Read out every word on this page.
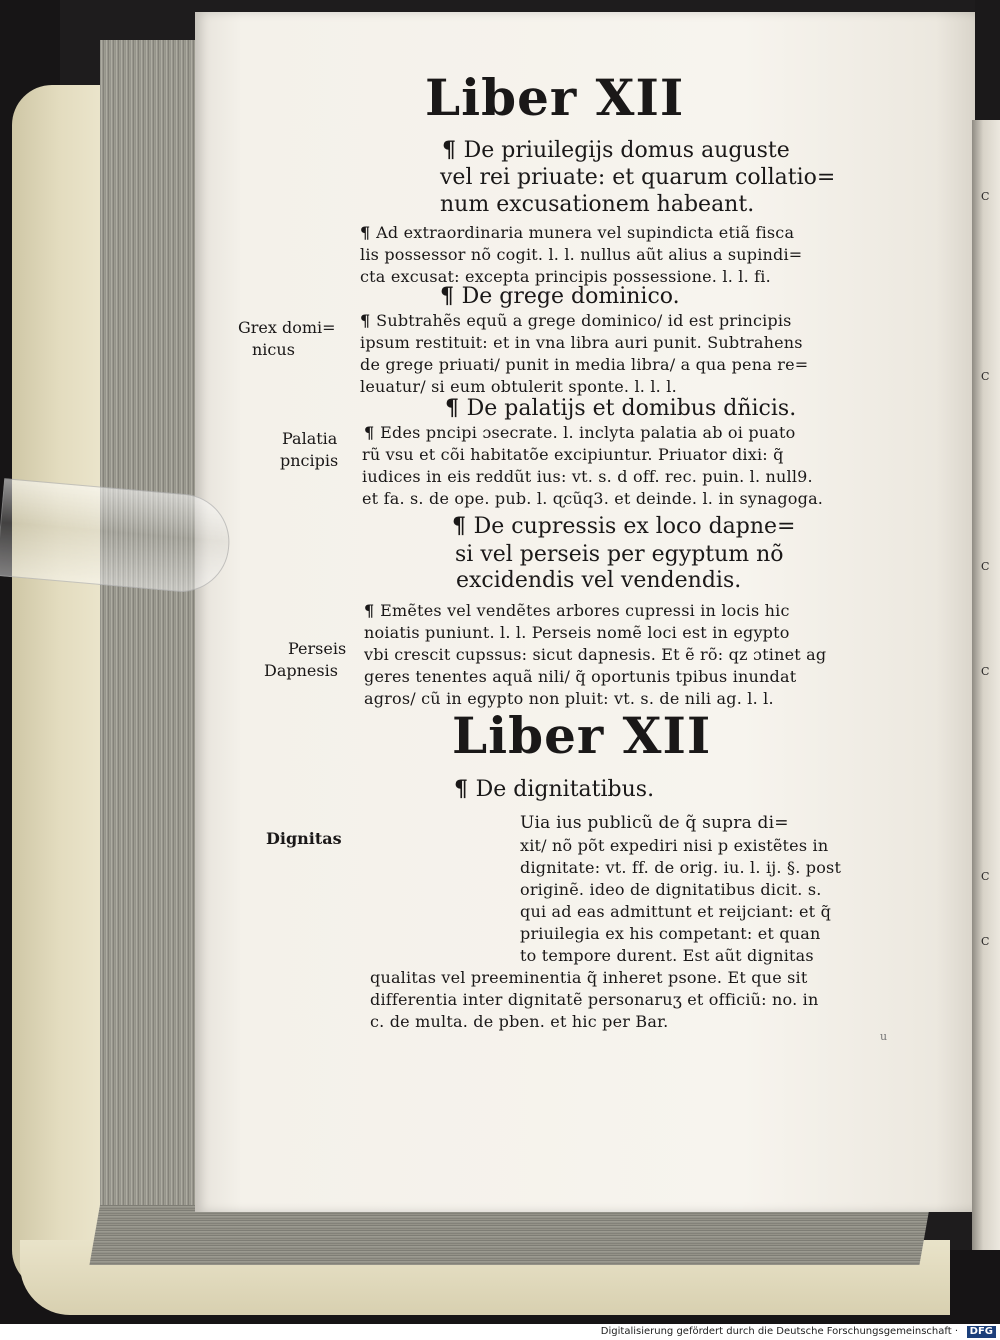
C
C
C
C
C
C
Liber XII
¶ De priuilegijs domus auguste
vel rei priuate: et quarum collatio=
num excusationem habeant.
¶ Ad extraordinaria munera vel supindicta etiã fisca
lis possessor nõ cogit. l. l. nullus aũt alius a supindi=
cta excusat: excepta principis possessione. l. l. fi.
¶ De grege dominico.
Grex domi=
nicus
¶ Subtrahẽs equũ a grege dominico/ id est principis
ipsum restituit: et in vna libra auri punit. Subtrahens
de grege priuati/ punit in media libra/ a qua pena re=
leuatur/ si eum obtulerit sponte. l. l. l.
¶ De palatijs et domibus dñicis.
Palatia
pncipis
¶ Edes pncipi ɔsecrate. l. inclyta palatia ab oi puato
rũ vsu et cõi habitatõe excipiuntur. Priuator dixi: q̃
iudices in eis reddũt ius: vt. s. d off. rec. puin. l. null9.
et fa. s. de ope. pub. l. ɋcũq3. et deinde. l. in synagoga.
¶ De cupressis ex loco dapne=
si vel perseis per egyptum nõ
excidendis vel vendendis.
Perseis
Dapnesis
¶ Emẽtes vel vendẽtes arbores cupressi in locis hic
noiatis puniunt. l. l. Perseis nomẽ loci est in egypto
vbi crescit cupssus: sicut dapnesis. Et ẽ rõ: qz ɔtinet ag
geres tenentes aquã nili/ q̃ oportunis tpibus inundat
agros/ cũ in egypto non pluit: vt. s. de nili ag. l. l.
Liber XII
¶ De dignitatibus.
Dignitas
Uia ius publicũ de q̃ supra di=
xit/ nõ põt expediri nisi p existẽtes in
dignitate: vt. ff. de orig. iu. l. ij. §. post
originẽ. ideo de dignitatibus dicit. s.
qui ad eas admittunt et reijciant: et q̃
priuilegia ex his competant: et quan
to tempore durent. Est aũt dignitas
qualitas vel preeminentia q̃ inheret psone. Et que sit
differentia inter dignitatẽ personaruʒ et officiũ: no. in
c. de multa. de pben. et hic per Bar.
u
Digitalisierung gefördert durch die Deutsche Forschungsgemeinschaft ·	DFG
